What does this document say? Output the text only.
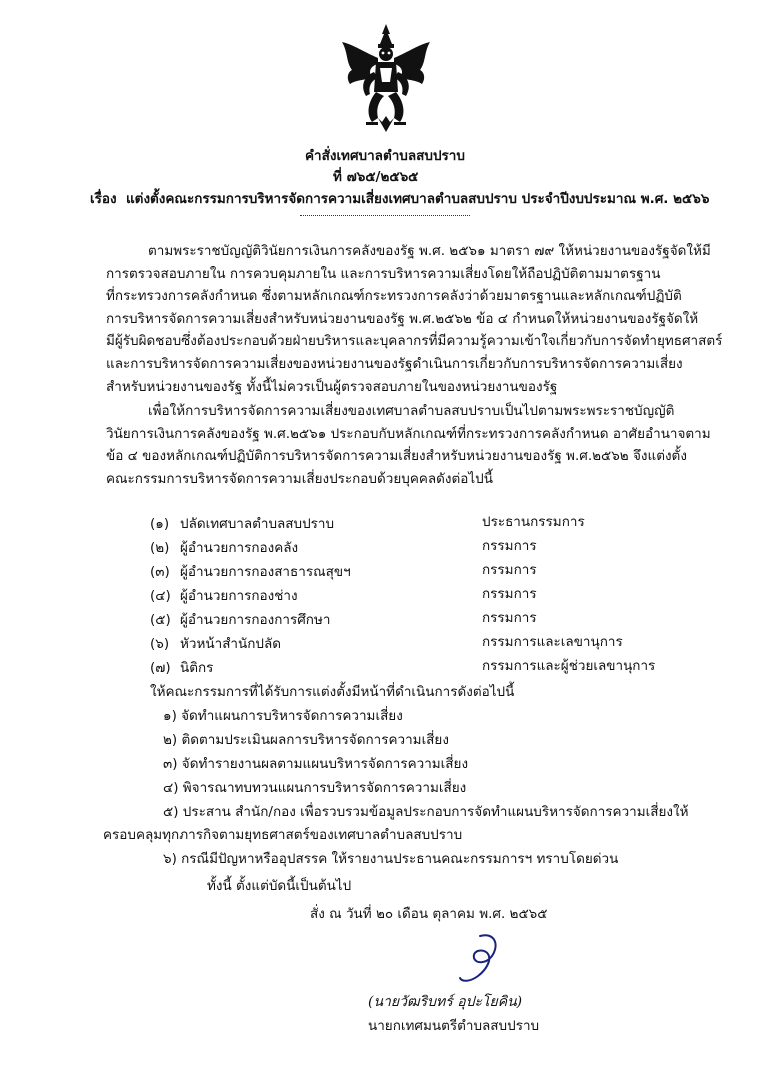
คำสั่งเทศบาลตำบลสบปราบ
ที่ ๗๖๕/๒๕๖๕
เรื่อง แต่งตั้งคณะกรรมการบริหารจัดการความเสี่ยงเทศบาลตำบลสบปราบ ประจำปีงบประมาณ พ.ศ. ๒๕๖๖
ตามพระราชบัญญัติวินัยการเงินการคลังของรัฐ พ.ศ. ๒๕๖๑ มาตรา ๗๙ ให้หน่วยงานของรัฐจัดให้มี
การตรวจสอบภายใน การควบคุมภายใน และการบริหารความเสี่ยงโดยให้ถือปฏิบัติตามมาตรฐาน
ที่กระทรวงการคลังกำหนด ซึ่งตามหลักเกณฑ์กระทรวงการคลังว่าด้วยมาตรฐานและหลักเกณฑ์ปฏิบัติ
การบริหารจัดการความเสี่ยงสำหรับหน่วยงานของรัฐ พ.ศ.๒๕๖๒ ข้อ ๔ กำหนดให้หน่วยงานของรัฐจัดให้
มีผู้รับผิดชอบซึ่งต้องประกอบด้วยฝ่ายบริหารและบุคลากรที่มีความรู้ความเข้าใจเกี่ยวกับการจัดทำยุทธศาสตร์
และการบริหารจัดการความเสี่ยงของหน่วยงานของรัฐดำเนินการเกี่ยวกับการบริหารจัดการความเสี่ยง
สำหรับหน่วยงานของรัฐ ทั้งนี้ไม่ควรเป็นผู้ตรวจสอบภายในของหน่วยงานของรัฐ
เพื่อให้การบริหารจัดการความเสี่ยงของเทศบาลตำบลสบปราบเป็นไปตามพระพระราชบัญญัติ
วินัยการเงินการคลังของรัฐ พ.ศ.๒๕๖๑ ประกอบกับหลักเกณฑ์ที่กระทรวงการคลังกำหนด อาศัยอำนาจตาม
ข้อ ๔ ของหลักเกณฑ์ปฏิบัติการบริหารจัดการความเสี่ยงสำหรับหน่วยงานของรัฐ พ.ศ.๒๕๖๒ จึงแต่งตั้ง
คณะกรรมการบริหารจัดการความเสี่ยงประกอบด้วยบุคคลดังต่อไปนี้
(๑) ปลัดเทศบาลตำบลสบปราบ	ประธานกรรมการ
(๒) ผู้อำนวยการกองคลัง	กรรมการ
(๓) ผู้อำนวยการกองสาธารณสุขฯ	กรรมการ
(๔) ผู้อำนวยการกองช่าง	กรรมการ
(๕) ผู้อำนวยการกองการศึกษา	กรรมการ
(๖) หัวหน้าสำนักปลัด	กรรมการและเลขานุการ
(๗) นิติกร	กรรมการและผู้ช่วยเลขานุการ
ให้คณะกรรมการที่ได้รับการแต่งตั้งมีหน้าที่ดำเนินการดังต่อไปนี้
๑) จัดทำแผนการบริหารจัดการความเสี่ยง
๒) ติดตามประเมินผลการบริหารจัดการความเสี่ยง
๓) จัดทำรายงานผลตามแผนบริหารจัดการความเสี่ยง
๔) พิจารณาทบทวนแผนการบริหารจัดการความเสี่ยง
๕) ประสาน สำนัก/กอง เพื่อรวบรวมข้อมูลประกอบการจัดทำแผนบริหารจัดการความเสี่ยงให้
ครอบคลุมทุกภารกิจตามยุทธศาสตร์ของเทศบาลตำบลสบปราบ
๖) กรณีมีปัญหาหรืออุปสรรค ให้รายงานประธานคณะกรรมการฯ ทราบโดยด่วน
ทั้งนี้ ตั้งแต่บัดนี้เป็นต้นไป
สั่ง ณ วันที่ ๒๐ เดือน ตุลาคม พ.ศ. ๒๕๖๕
(นายวัฒริบทร์ อุปะโยคิน)
นายกเทศมนตรีตำบลสบปราบ
